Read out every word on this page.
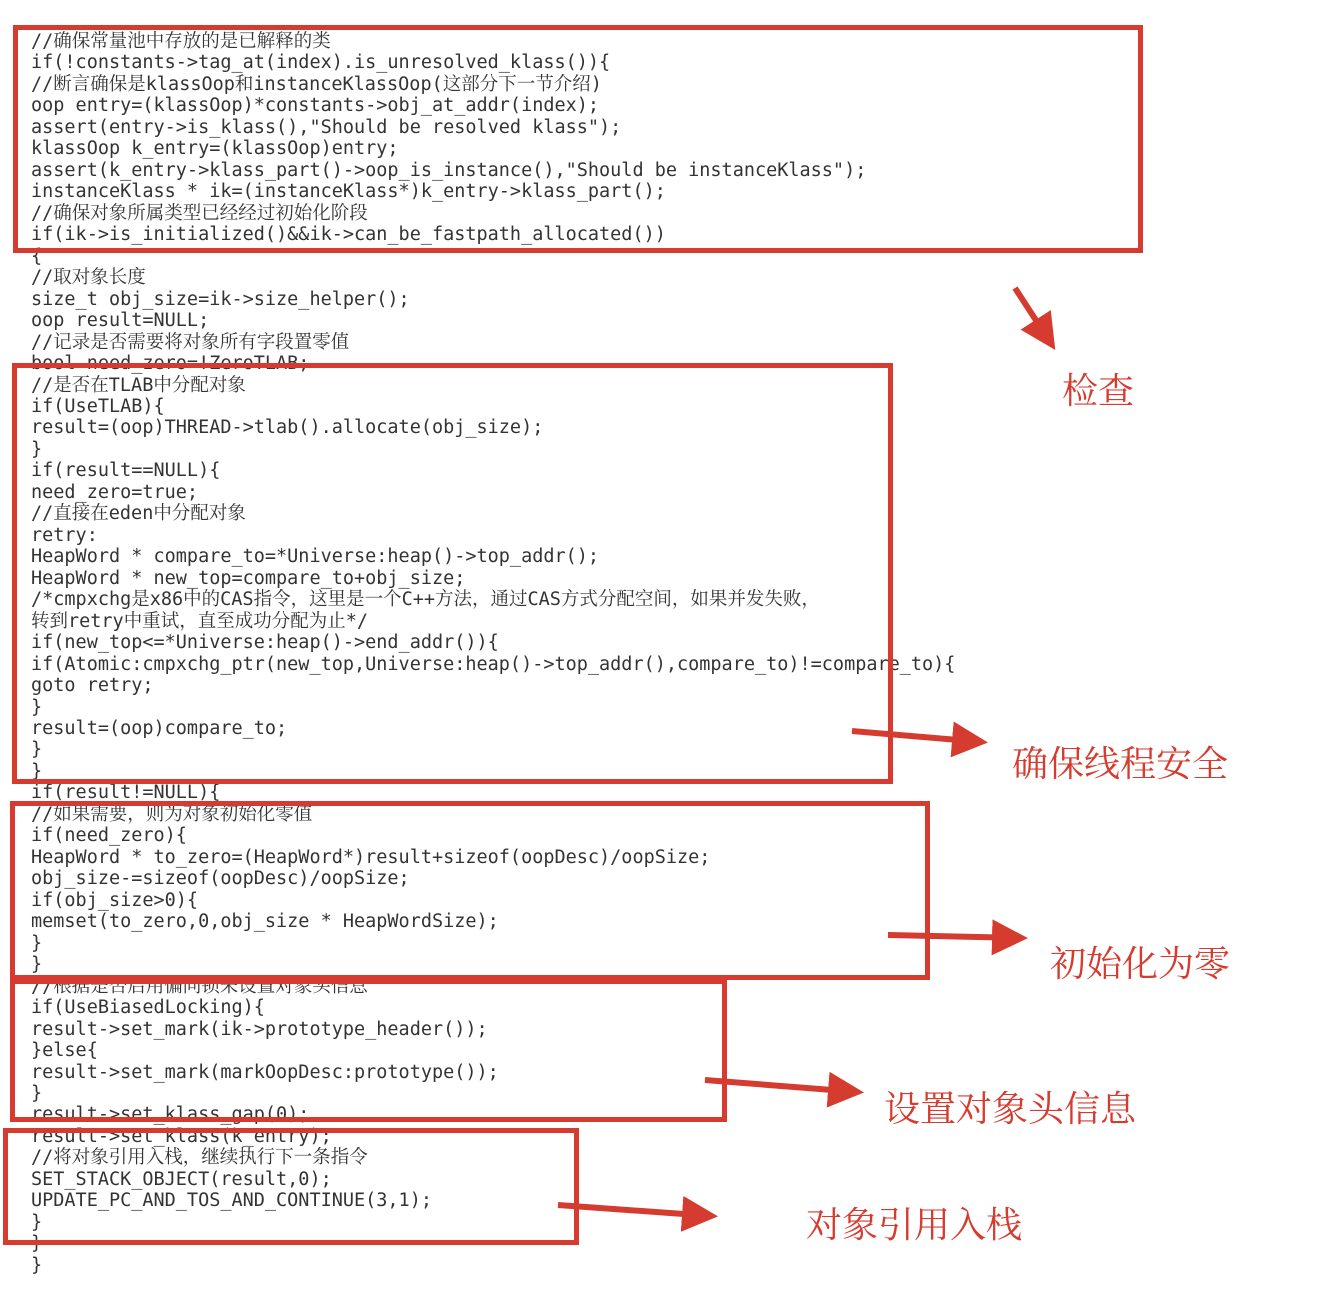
//确保常量池中存放的是已解释的类
if(!constants->tag_at(index).is_unresolved_klass()){
//断言确保是klassOop和instanceKlassOop(这部分下一节介绍)
oop entry=(klassOop)*constants->obj_at_addr(index);
assert(entry->is_klass(),"Should be resolved klass");
klassOop k_entry=(klassOop)entry;
assert(k_entry->klass_part()->oop_is_instance(),"Should be instanceKlass");
instanceKlass * ik=(instanceKlass*)k_entry->klass_part();
//确保对象所属类型已经经过初始化阶段
if(ik->is_initialized()&&ik->can_be_fastpath_allocated())
{
//取对象长度
size_t obj_size=ik->size_helper();
oop result=NULL;
//记录是否需要将对象所有字段置零值
bool need_zero=!ZeroTLAB;
//是否在TLAB中分配对象
if(UseTLAB){
result=(oop)THREAD->tlab().allocate(obj_size);
}
if(result==NULL){
need_zero=true;
//直接在eden中分配对象
retry:
HeapWord * compare_to=*Universe:heap()->top_addr();
HeapWord * new_top=compare_to+obj_size;
/*cmpxchg是x86中的CAS指令，这里是一个C++方法，通过CAS方式分配空间，如果并发失败，
转到retry中重试，直至成功分配为止*/
if(new_top<=*Universe:heap()->end_addr()){
if(Atomic:cmpxchg_ptr(new_top,Universe:heap()->top_addr(),compare_to)!=compare_to){
goto retry;
}
result=(oop)compare_to;
}
}
if(result!=NULL){
//如果需要，则为对象初始化零值
if(need_zero){
HeapWord * to_zero=(HeapWord*)result+sizeof(oopDesc)/oopSize;
obj_size-=sizeof(oopDesc)/oopSize;
if(obj_size>0){
memset(to_zero,0,obj_size * HeapWordSize);
}
}
//根据是否启用偏向锁来设置对象头信息
if(UseBiasedLocking){
result->set_mark(ik->prototype_header());
}else{
result->set_mark(markOopDesc:prototype());
}
result->set_klass_gap(0);
result->set_klass(k_entry);
//将对象引用入栈，继续执行下一条指令
SET_STACK_OBJECT(result,0);
UPDATE_PC_AND_TOS_AND_CONTINUE(3,1);
}
}
}
检查
确保线程安全
初始化为零
设置对象头信息
对象引用入栈
